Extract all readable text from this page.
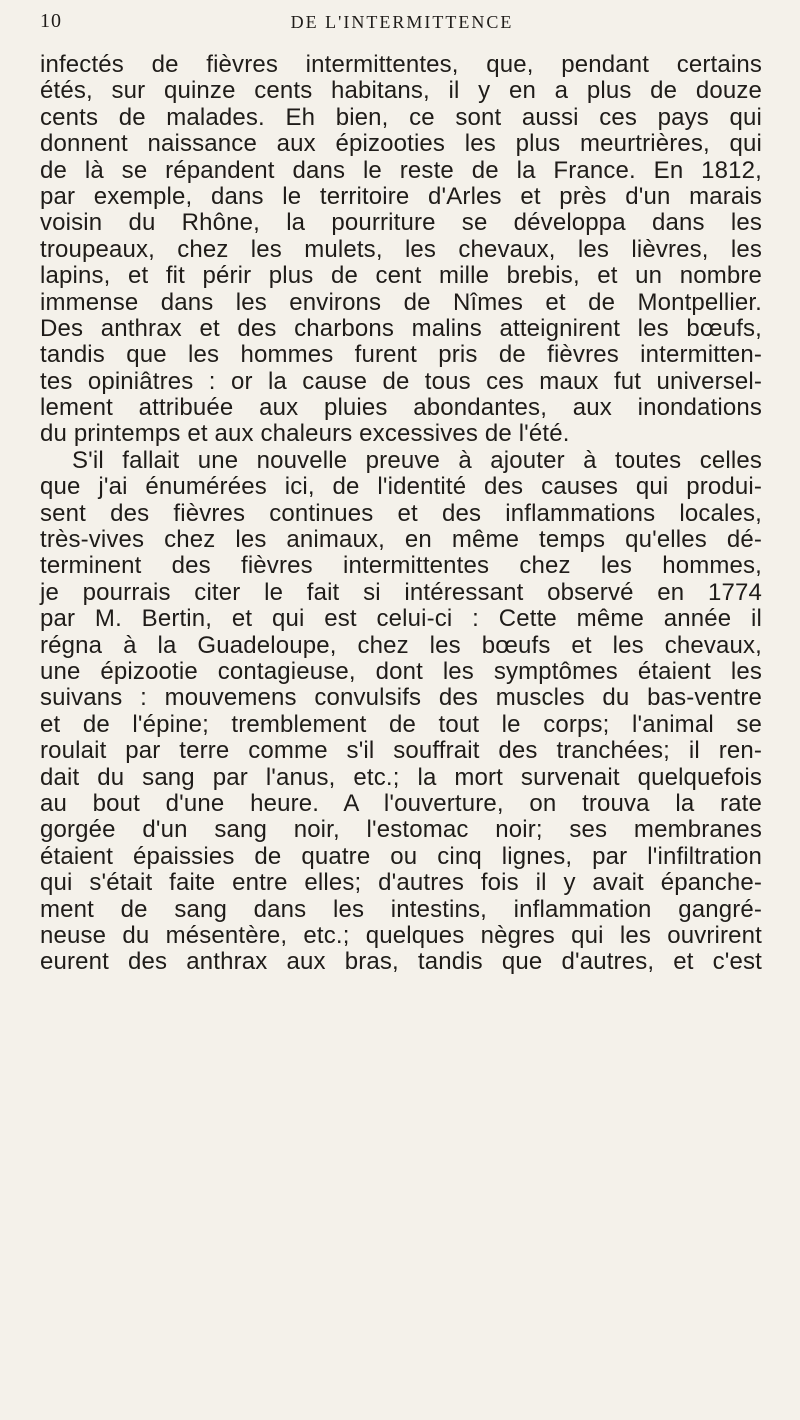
10	DE L'INTERMITTENCE
infectés de fièvres intermittentes, que, pendant certains
étés, sur quinze cents habitans, il y en a plus de douze
cents de malades. Eh bien, ce sont aussi ces pays qui
donnent naissance aux épizooties les plus meurtrières, qui
de là se répandent dans le reste de la France. En 1812,
par exemple, dans le territoire d'Arles et près d'un marais
voisin du Rhône, la pourriture se développa dans les
troupeaux, chez les mulets, les chevaux, les lièvres, les
lapins, et fit périr plus de cent mille brebis, et un nombre
immense dans les environs de Nîmes et de Montpellier.
Des anthrax et des charbons malins atteignirent les bœufs,
tandis que les hommes furent pris de fièvres intermitten-
tes opiniâtres : or la cause de tous ces maux fut universel-
lement attribuée aux pluies abondantes, aux inondations
du printemps et aux chaleurs excessives de l'été.
S'il fallait une nouvelle preuve à ajouter à toutes celles
que j'ai énumérées ici, de l'identité des causes qui produi-
sent des fièvres continues et des inflammations locales,
très-vives chez les animaux, en même temps qu'elles dé-
terminent des fièvres intermittentes chez les hommes,
je pourrais citer le fait si intéressant observé en 1774
par M. Bertin, et qui est celui-ci : Cette même année il
régna à la Guadeloupe, chez les bœufs et les chevaux,
une épizootie contagieuse, dont les symptômes étaient les
suivans : mouvemens convulsifs des muscles du bas-ventre
et de l'épine; tremblement de tout le corps; l'animal se
roulait par terre comme s'il souffrait des tranchées; il ren-
dait du sang par l'anus, etc.; la mort survenait quelquefois
au bout d'une heure. A l'ouverture, on trouva la rate
gorgée d'un sang noir, l'estomac noir; ses membranes
étaient épaissies de quatre ou cinq lignes, par l'infiltration
qui s'était faite entre elles; d'autres fois il y avait épanche-
ment de sang dans les intestins, inflammation gangré-
neuse du mésentère, etc.; quelques nègres qui les ouvrirent
eurent des anthrax aux bras, tandis que d'autres, et c'est
